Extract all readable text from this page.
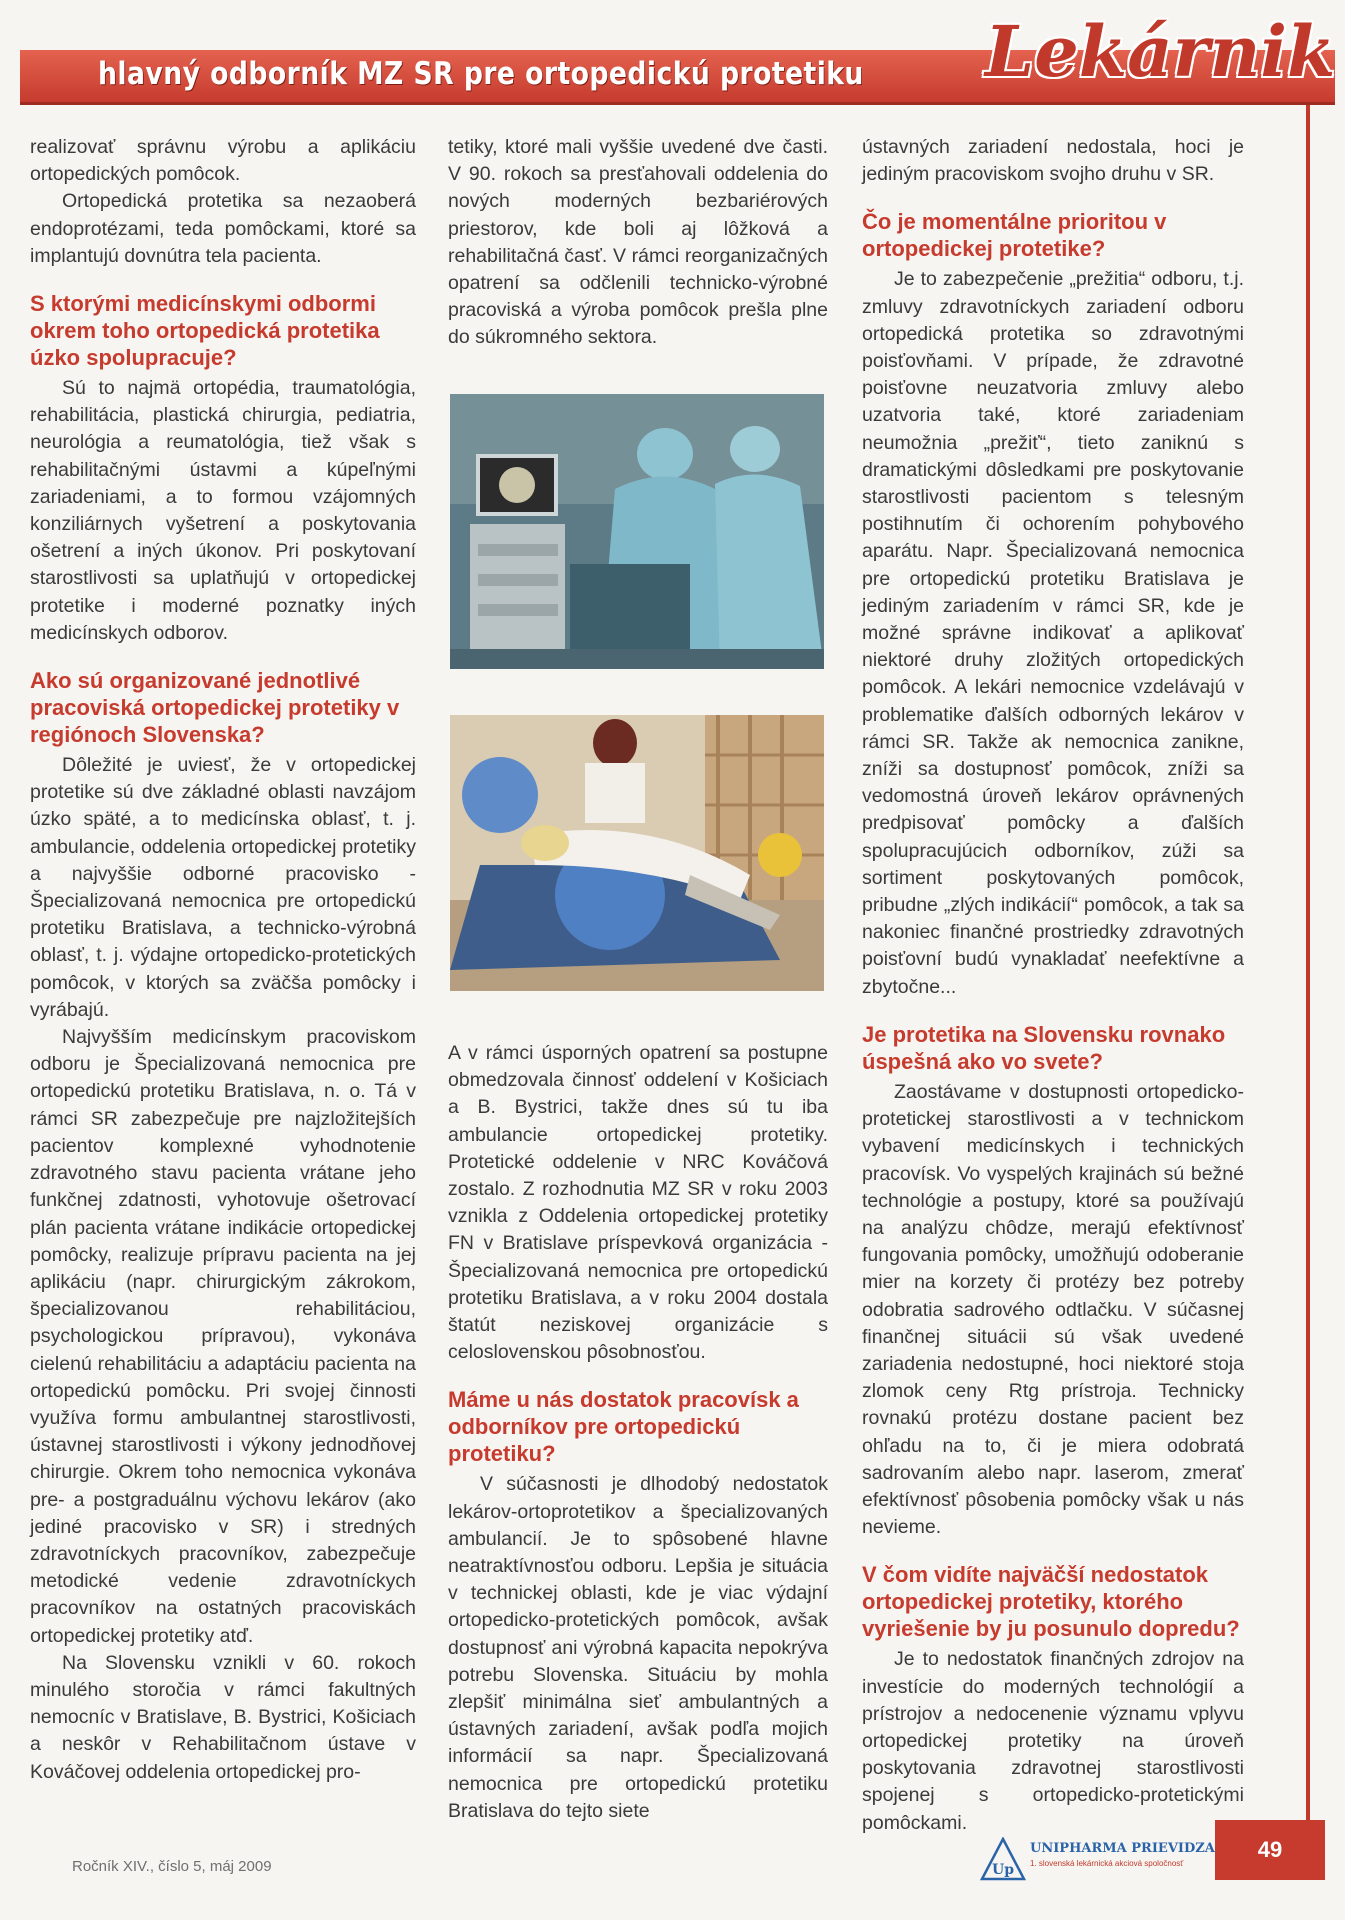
hlavný odborník MZ SR pre ortopedickú protetiku Lekárnik

realizovať správnu výrobu a aplikáciu ortopedických pomôcok.

Ortopedická protetika sa nezaoberá endoprotézami, teda pomôckami, ktoré sa implantujú dovnútra tela pacienta.

S ktorými medicínskymi odbormi okrem toho ortopedická protetika úzko spolupracuje?

Sú to najmä ortopédia, traumatológia, rehabilitácia, plastická chirurgia, pediatria, neurológia a reumatológia, tiež však s rehabilitačnými ústavmi a kúpeľnými zariadeniami, a to formou vzájomných konziliárnych vyšetrení a poskytovania ošetrení a iných úkonov. Pri poskytovaní starostlivosti sa uplatňujú v ortopedickej protetike i moderné poznatky iných medicínskych odborov.

Ako sú organizované jednotlivé pracoviská ortopedickej protetiky v regiónoch Slovenska?

Dôležité je uviesť, že v ortopedickej protetike sú dve základné oblasti navzájom úzko späté, a to medicínska oblasť, t. j. ambulancie, oddelenia ortopedickej protetiky a najvyššie odborné pracovisko - Špecializovaná nemocnica pre ortopedickú protetiku Bratislava, a technicko-výrobná oblasť, t. j. výdajne ortopedicko-protetických pomôcok, v ktorých sa zväčša pomôcky i vyrábajú.

Najvyšším medicínskym pracoviskom odboru je Špecializovaná nemocnica pre ortopedickú protetiku Bratislava, n. o. Tá v rámci SR zabezpečuje pre najzložitejších pacientov komplexné vyhodnotenie zdravotného stavu pacienta vrátane jeho funkčnej zdatnosti, vyhotovuje ošetrovací plán pacienta vrátane indikácie ortopedickej pomôcky, realizuje prípravu pacienta na jej aplikáciu (napr. chirurgickým zákrokom, špecializovanou rehabilitáciou, psychologickou prípravou), vykonáva cielenú rehabilitáciu a adaptáciu pacienta na ortopedickú pomôcku. Pri svojej činnosti využíva formu ambulantnej starostlivosti, ústavnej starostlivosti i výkony jednodňovej chirurgie. Okrem toho nemocnica vykonáva pre- a postgraduálnu výchovu lekárov (ako jediné pracovisko v SR) i stredných zdravotníckych pracovníkov, zabezpečuje metodické vedenie zdravotníckych pracovníkov na ostatných pracoviskách ortopedickej protetiky atď.

Na Slovensku vznikli v 60. rokoch minulého storočia v rámci fakultných nemocníc v Bratislave, B. Bystrici, Košiciach a neskôr v Rehabilitačnom ústave v Kováčovej oddelenia ortopedickej pro-

tetiky, ktoré mali vyššie uvedené dve časti. V 90. rokoch sa presťahovali oddelenia do nových moderných bezbariérových priestorov, kde boli aj lôžková a rehabilitačná časť. V rámci reorganizačných opatrení sa odčlenili technicko-výrobné pracoviská a výroba pomôcok prešla plne do súkromného sektora.

A v rámci úsporných opatrení sa postupne obmedzovala činnosť oddelení v Košiciach a B. Bystrici, takže dnes sú tu iba ambulancie ortopedickej protetiky. Protetické oddelenie v NRC Kováčová zostalo. Z rozhodnutia MZ SR v roku 2003 vznikla z Oddelenia ortopedickej protetiky FN v Bratislave príspevková organizácia - Špecializovaná nemocnica pre ortopedickú protetiku Bratislava, a v roku 2004 dostala štatút neziskovej organizácie s celoslovenskou pôsobnosťou.

Máme u nás dostatok pracovísk a odborníkov pre ortopedickú protetiku?

V súčasnosti je dlhodobý nedostatok lekárov-ortoprotetikov a špecializovaných ambulancií. Je to spôsobené hlavne neatraktívnosťou odboru. Lepšia je situácia v technickej oblasti, kde je viac výdajní ortopedicko-protetických pomôcok, avšak dostupnosť ani výrobná kapacita nepokrýva potrebu Slovenska. Situáciu by mohla zlepšiť minimálna sieť ambulantných a ústavných zariadení, avšak podľa mojich informácií sa napr. Špecializovaná nemocnica pre ortopedickú protetiku Bratislava do tejto siete

ústavných zariadení nedostala, hoci je jediným pracoviskom svojho druhu v SR.

Čo je momentálne prioritou v ortopedickej protetike?

Je to zabezpečenie „prežitia“ odboru, t.j. zmluvy zdravotníckych zariadení odboru ortopedická protetika so zdravotnými poisťovňami. V prípade, že zdravotné poisťovne neuzatvoria zmluvy alebo uzatvoria také, ktoré zariadeniam neumožnia „prežiť“, tieto zaniknú s dramatickými dôsledkami pre poskytovanie starostlivosti pacientom s telesným postihnutím či ochorením pohybového aparátu. Napr. Špecializovaná nemocnica pre ortopedickú protetiku Bratislava je jediným zariadením v rámci SR, kde je možné správne indikovať a aplikovať niektoré druhy zložitých ortopedických pomôcok. A lekári nemocnice vzdelávajú v problematike ďalších odborných lekárov v rámci SR. Takže ak nemocnica zanikne, zníži sa dostupnosť pomôcok, zníži sa vedomostná úroveň lekárov oprávnených predpisovať pomôcky a ďalších spolupracujúcich odborníkov, zúži sa sortiment poskytovaných pomôcok, pribudne „zlých indikácií“ pomôcok, a tak sa nakoniec finančné prostriedky zdravotných poisťovní budú vynakladať neefektívne a zbytočne...

Je protetika na Slovensku rovnako úspešná ako vo svete?

Zaostávame v dostupnosti ortopedicko-protetickej starostlivosti a v technickom vybavení medicínskych i technických pracovísk. Vo vyspelých krajinách sú bežné technológie a postupy, ktoré sa používajú na analýzu chôdze, merajú efektívnosť fungovania pomôcky, umožňujú odoberanie mier na korzety či protézy bez potreby odobratia sadrového odtlačku. V súčasnej finančnej situácii sú však uvedené zariadenia nedostupné, hoci niektoré stoja zlomok ceny Rtg prístroja. Technicky rovnakú protézu dostane pacient bez ohľadu na to, či je miera odobratá sadrovaním alebo napr. laserom, zmerať efektívnosť pôsobenia pomôcky však u nás nevieme.

V čom vidíte najväčší nedostatok ortopedickej protetiky, ktorého vyriešenie by ju posunulo dopredu?

Je to nedostatok finančných zdrojov na investície do moderných technológií a prístrojov a nedocenenie významu vplyvu ortopedickej protetiky na úroveň poskytovania zdravotnej starostlivosti spojenej s ortopedicko-protetickými pomôckami.

Ročník XIV., číslo 5, máj 2009	Up
UNIPHARMA PRIEVIDZA
1. slovenská lekárnická akciová spoločnosť
49
